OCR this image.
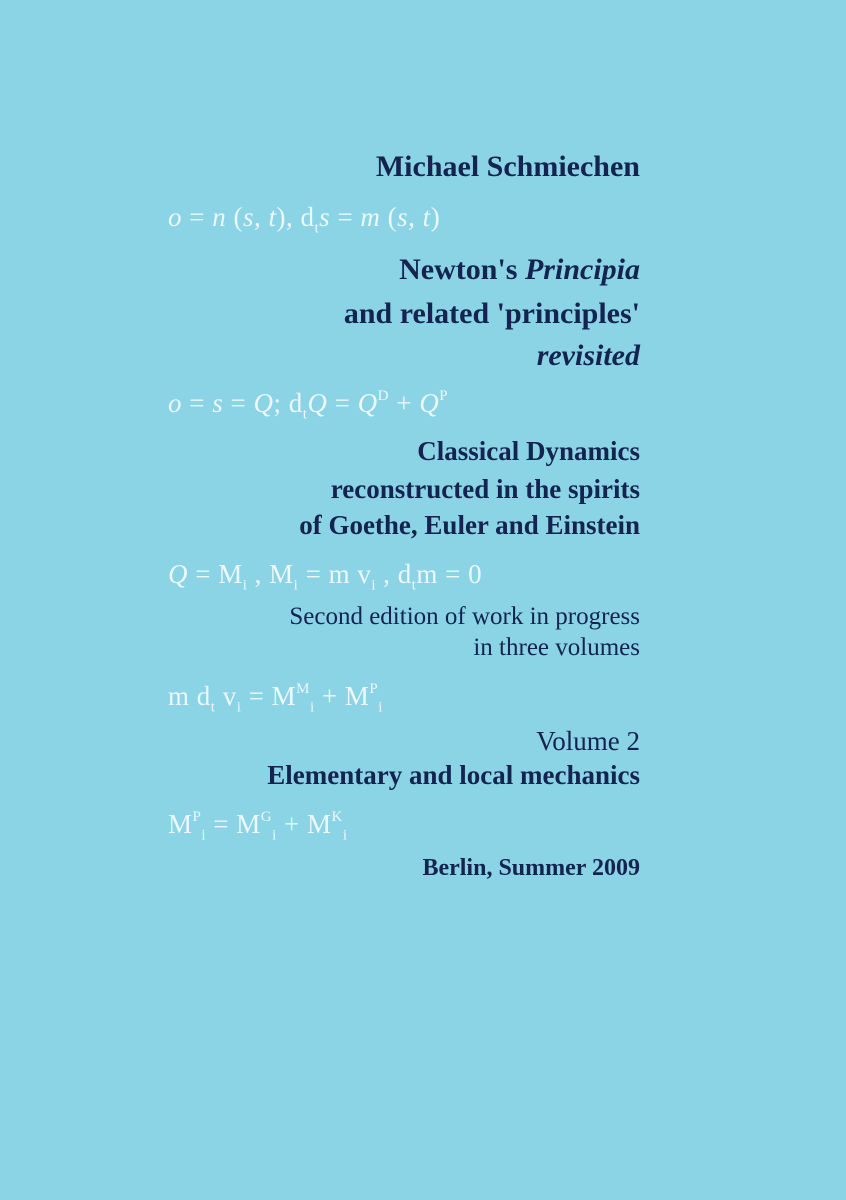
Michael Schmiechen
o = n (s, t), $d_ts = m$ (s, t)
Newton's Principia
and related 'principles'
revisited
o = s = Q; $d_tQ = Q^D + Q^P$
Classical Dynamics
reconstructed in the spirits
of Goethe, Euler and Einstein
$Q = M_i$ , $M_i = m$ $v_i$ , $d_tm = 0$
Second edition of work in progress
in three volumes
m $d_t$ $v_i = M^M_i + M^P_i$
Volume 2
Elementary and local mechanics
$M^P_i = M^G_i + M^K_i$
Berlin, Summer 2009
